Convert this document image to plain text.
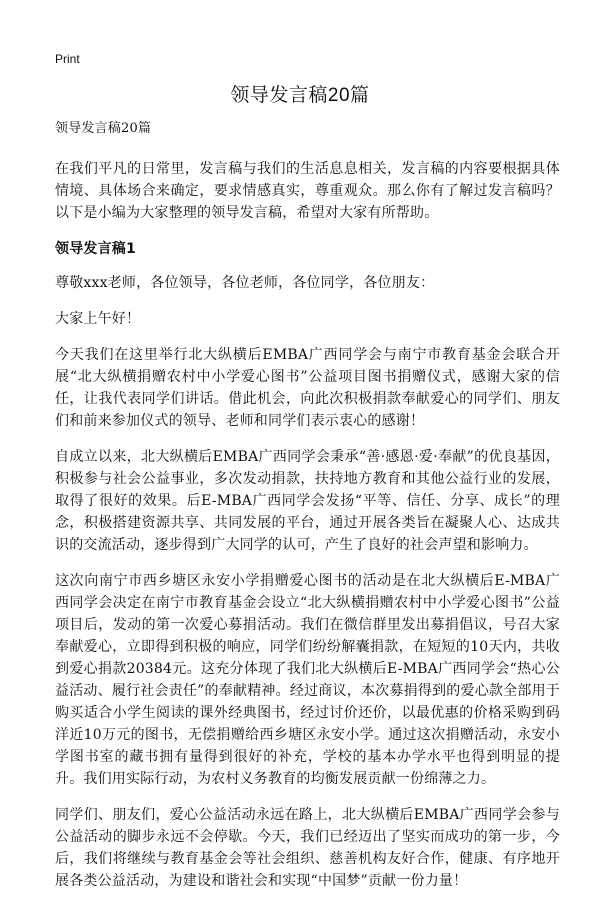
Print
领导发言稿20篇

领导发言稿20篇

在我们平凡的日常里，发言稿与我们的生活息息相关，发言稿的内容要根据具体情境、具体场合来确定，要求情感真实，尊重观众。那么你有了解过发言稿吗？以下是小编为大家整理的领导发言稿，希望对大家有所帮助。

领导发言稿1

尊敬xxx老师，各位领导，各位老师，各位同学，各位朋友：

大家上午好！

今天我们在这里举行北大纵横后EMBA广西同学会与南宁市教育基金会联合开展“北大纵横捐赠农村中小学爱心图书”公益项目图书捐赠仪式，感谢大家的信任，让我代表同学们讲话。借此机会，向此次积极捐款奉献爱心的同学们、朋友们和前来参加仪式的领导、老师和同学们表示衷心的感谢！

自成立以来，北大纵横后EMBA广西同学会秉承“善·感恩·爱·奉献”的优良基因，积极参与社会公益事业，多次发动捐款，扶持地方教育和其他公益行业的发展，取得了很好的效果。后E-MBA广西同学会发扬“平等、信任、分享、成长”的理念，积极搭建资源共享、共同发展的平台，通过开展各类旨在凝聚人心、达成共识的交流活动，逐步得到广大同学的认可，产生了良好的社会声望和影响力。

这次向南宁市西乡塘区永安小学捐赠爱心图书的活动是在北大纵横后E-MBA广西同学会决定在南宁市教育基金会设立“北大纵横捐赠农村中小学爱心图书”公益项目后，发动的第一次爱心募捐活动。我们在微信群里发出募捐倡议，号召大家奉献爱心，立即得到积极的响应，同学们纷纷解囊捐款，在短短的10天内，共收到爱心捐款20384元。这充分体现了我们北大纵横后E-MBA广西同学会“热心公益活动、履行社会责任”的奉献精神。经过商议，本次募捐得到的爱心款全部用于购买适合小学生阅读的课外经典图书，经过讨价还价，以最优惠的价格采购到码洋近10万元的图书，无偿捐赠给西乡塘区永安小学。通过这次捐赠活动，永安小学图书室的藏书拥有量得到很好的补充，学校的基本办学水平也得到明显的提升。我们用实际行动，为农村义务教育的均衡发展贡献一份绵薄之力。

同学们、朋友们，爱心公益活动永远在路上，北大纵横后EMBA广西同学会参与公益活动的脚步永远不会停歇。今天，我们已经迈出了坚实而成功的第一步，今后，我们将继续与教育基金会等社会组织、慈善机构友好合作，健康、有序地开展各类公益活动，为建设和谐社会和实现“中国梦”贡献一份力量！
